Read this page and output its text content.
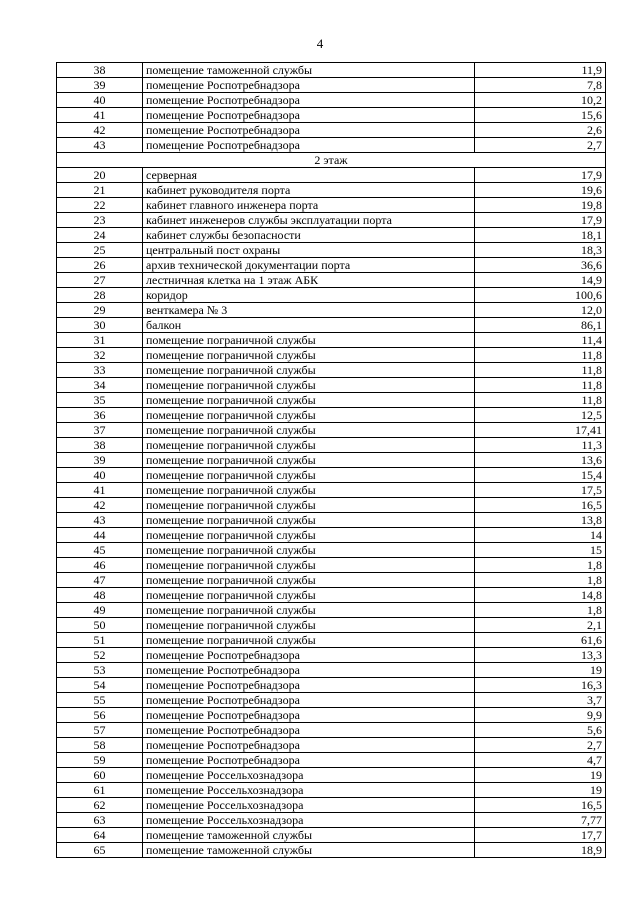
4
38	помещение таможенной службы	11,9
39	помещение Роспотребнадзора	7,8
40	помещение Роспотребнадзора	10,2
41	помещение Роспотребнадзора	15,6
42	помещение Роспотребнадзора	2,6
43	помещение Роспотребнадзора	2,7
2 этаж		
20	серверная	17,9
21	кабинет руководителя порта	19,6
22	кабинет главного инженера порта	19,8
23	кабинет инженеров службы эксплуатации порта	17,9
24	кабинет службы безопасности	18,1
25	центральный пост охраны	18,3
26	архив технической документации порта	36,6
27	лестничная клетка на 1 этаж АБК	14,9
28	коридор	100,6
29	венткамера № 3	12,0
30	балкон	86,1
31	помещение пограничной службы	11,4
32	помещение пограничной службы	11,8
33	помещение пограничной службы	11,8
34	помещение пограничной службы	11,8
35	помещение пограничной службы	11,8
36	помещение пограничной службы	12,5
37	помещение пограничной службы	17,41
38	помещение пограничной службы	11,3
39	помещение пограничной службы	13,6
40	помещение пограничной службы	15,4
41	помещение пограничной службы	17,5
42	помещение пограничной службы	16,5
43	помещение пограничной службы	13,8
44	помещение пограничной службы	14
45	помещение пограничной службы	15
46	помещение пограничной службы	1,8
47	помещение пограничной службы	1,8
48	помещение пограничной службы	14,8
49	помещение пограничной службы	1,8
50	помещение пограничной службы	2,1
51	помещение пограничной службы	61,6
52	помещение Роспотребнадзора	13,3
53	помещение Роспотребнадзора	19
54	помещение Роспотребнадзора	16,3
55	помещение Роспотребнадзора	3,7
56	помещение Роспотребнадзора	9,9
57	помещение Роспотребнадзора	5,6
58	помещение Роспотребнадзора	2,7
59	помещение Роспотребнадзора	4,7
60	помещение Россельхознадзора	19
61	помещение Россельхознадзора	19
62	помещение Россельхознадзора	16,5
63	помещение Россельхознадзора	7,77
64	помещение таможенной службы	17,7
65	помещение таможенной службы	18,9
